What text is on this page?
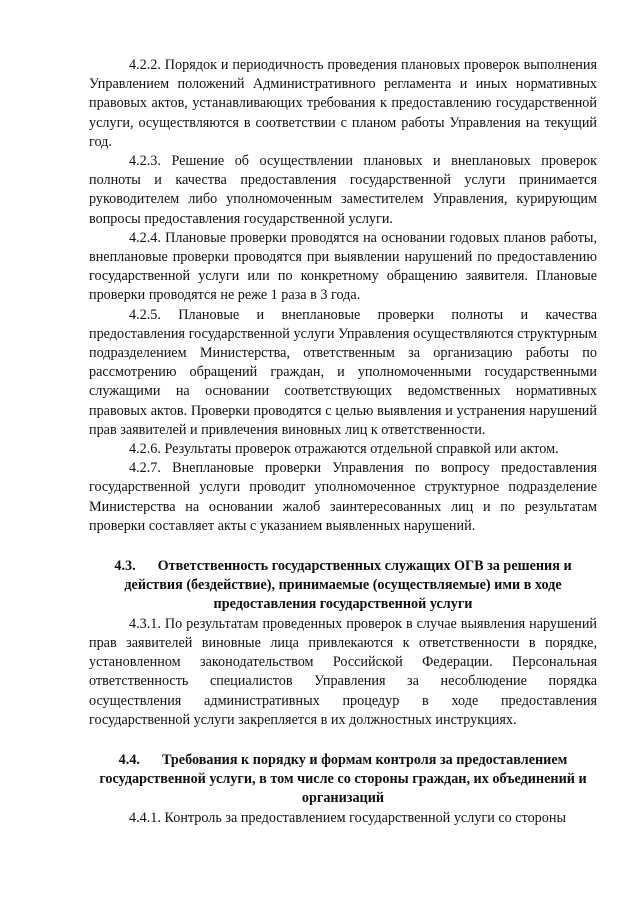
4.2.2. Порядок и периодичность проведения плановых проверок выполнения Управлением положений Административного регламента и иных нормативных правовых актов, устанавливающих требования к предоставлению государственной услуги, осуществляются в соответствии с планом работы Управления на текущий год.

4.2.3. Решение об осуществлении плановых и внеплановых проверок полноты и качества предоставления государственной услуги принимается руководителем либо уполномоченным заместителем Управления, курирующим вопросы предоставления государственной услуги.

4.2.4. Плановые проверки проводятся на основании годовых планов работы, внеплановые проверки проводятся при выявлении нарушений по предоставлению государственной услуги или по конкретному обращению заявителя. Плановые проверки проводятся не реже 1 раза в 3 года.

4.2.5. Плановые и внеплановые проверки полноты и качества предоставления государственной услуги Управления осуществляются структурным подразделением Министерства, ответственным за организацию работы по рассмотрению обращений граждан, и уполномоченными государственными служащими на основании соответствующих ведомственных нормативных правовых актов. Проверки проводятся с целью выявления и устранения нарушений прав заявителей и привлечения виновных лиц к ответственности.

4.2.6. Результаты проверок отражаются отдельной справкой или актом.

4.2.7. Внеплановые проверки Управления по вопросу предоставления государственной услуги проводит уполномоченное структурное подразделение Министерства на основании жалоб заинтересованных лиц и по результатам проверки составляет акты с указанием выявленных нарушений.

4.3. Ответственность государственных служащих ОГВ за решения и действия (бездействие), принимаемые (осуществляемые) ими в ходе предоставления государственной услуги

4.3.1. По результатам проведенных проверок в случае выявления нарушений прав заявителей виновные лица привлекаются к ответственности в порядке, установленном законодательством Российской Федерации. Персональная ответственность специалистов Управления за несоблюдение порядка осуществления административных процедур в ходе предоставления государственной услуги закрепляется в их должностных инструкциях.

4.4. Требования к порядку и формам контроля за предоставлением государственной услуги, в том числе со стороны граждан, их объединений и организаций

4.4.1. Контроль за предоставлением государственной услуги со стороны
